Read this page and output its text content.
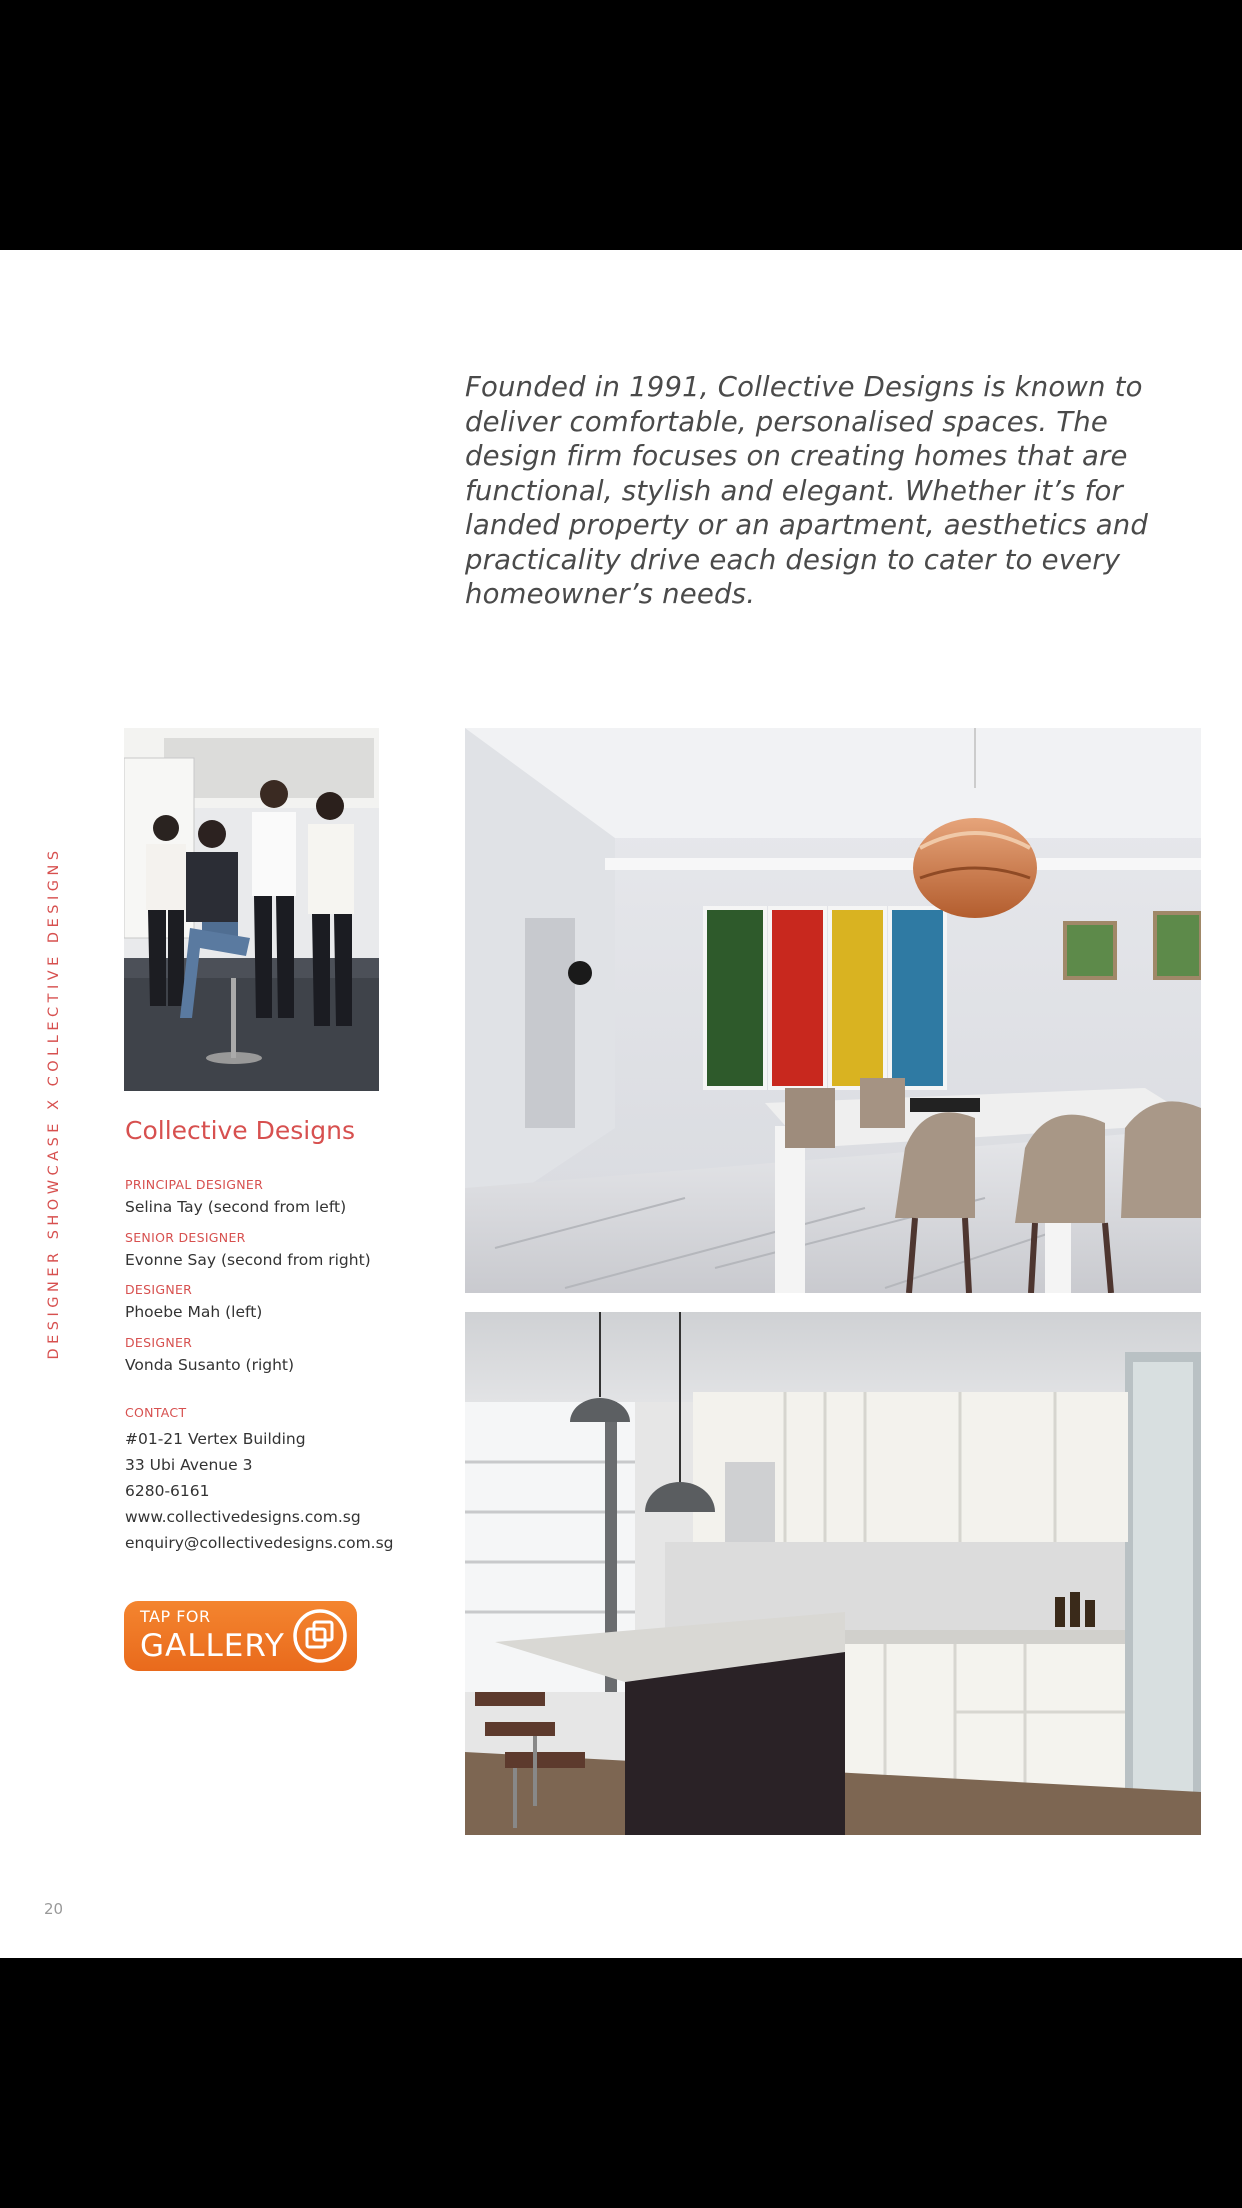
Founded in 1991, Collective Designs is known to deliver comfortable, personalised spaces. The design firm focuses on creating homes that are functional, stylish and elegant. Whether it’s for landed property or an apartment, aesthetics and practicality drive each design to cater to every homeowner’s needs.

DESIGNER SHOWCASE X COLLECTIVE DESIGNS	Collective Designs
PRINCIPAL DESIGNER
Selina Tay (second from left)
SENIOR DESIGNER
Evonne Say (second from right)
DESIGNER
Phoebe Mah (left)
DESIGNER
Vonda Susanto (right)
CONTACT
#01-21 Vertex Building
33 Ubi Avenue 3
6280-6161
www.collectivedesigns.com.sg
enquiry@collectivedesigns.com.sg
TAP FOR
GALLERY
20
